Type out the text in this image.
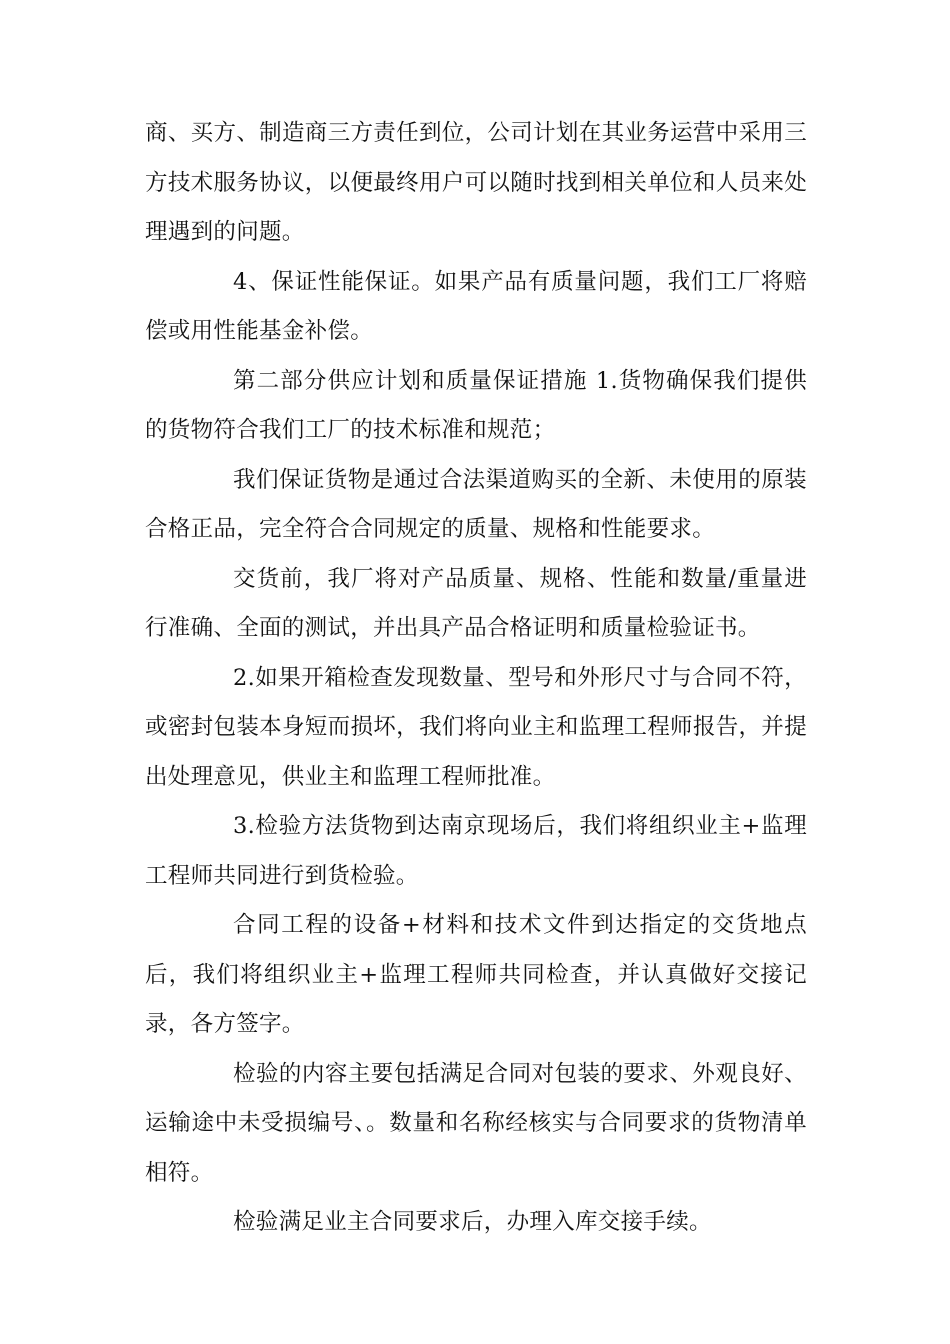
商、买方、制造商三方责任到位，公司计划在其业务运营中采用三方技术服务协议，以便最终用户可以随时找到相关单位和人员来处理遇到的问题。

4、保证性能保证。如果产品有质量问题，我们工厂将赔偿或用性能基金补偿。

第二部分供应计划和质量保证措施 1.货物确保我们提供的货物符合我们工厂的技术标准和规范；

我们保证货物是通过合法渠道购买的全新、未使用的原装合格正品，完全符合合同规定的质量、规格和性能要求。

交货前，我厂将对产品质量、规格、性能和数量/重量进行准确、全面的测试，并出具产品合格证明和质量检验证书。

2.如果开箱检查发现数量、型号和外形尺寸与合同不符，或密封包装本身短而损坏，我们将向业主和监理工程师报告，并提出处理意见，供业主和监理工程师批准。

3.检验方法货物到达南京现场后，我们将组织业主+监理工程师共同进行到货检验。

合同工程的设备+材料和技术文件到达指定的交货地点后，我们将组织业主+监理工程师共同检查，并认真做好交接记录，各方签字。

检验的内容主要包括满足合同对包装的要求、外观良好、运输途中未受损编号、。数量和名称经核实与合同要求的货物清单相符。

检验满足业主合同要求后，办理入库交接手续。
